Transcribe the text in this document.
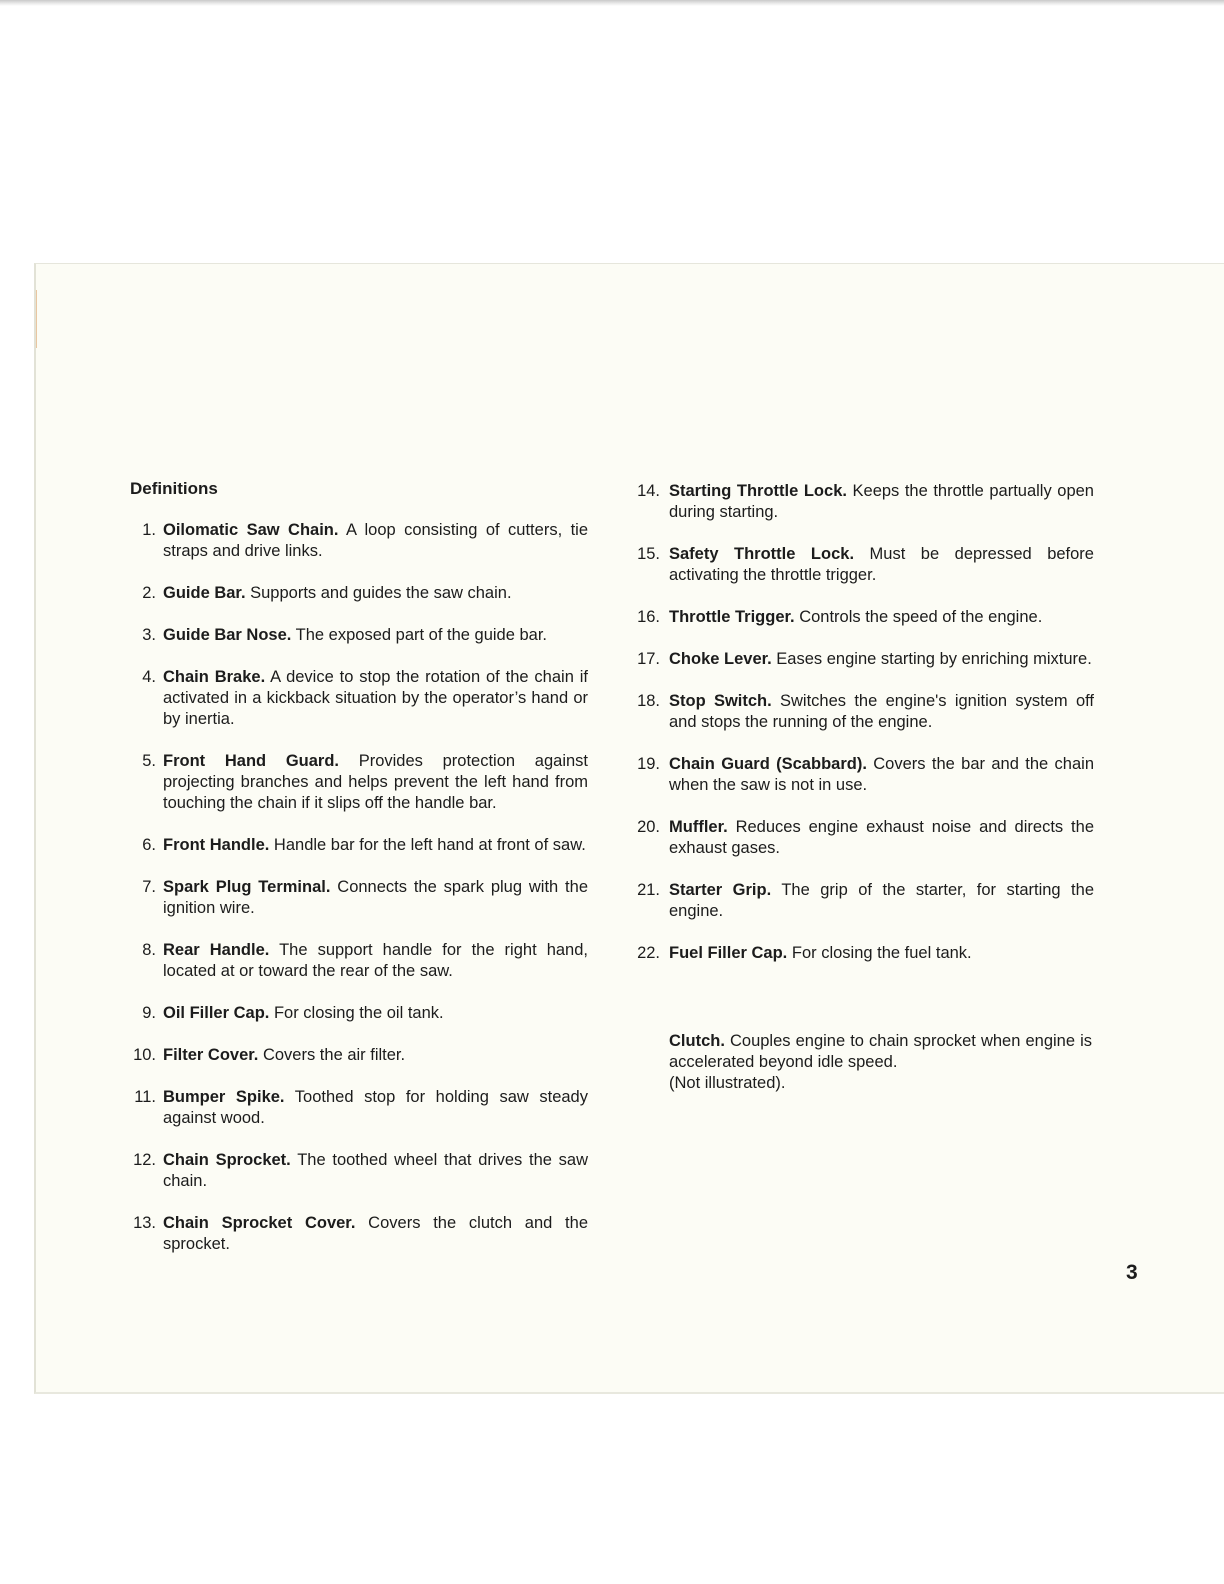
Definitions
1. Oilomatic Saw Chain. A loop consisting of cutters, tie straps and drive links.
2. Guide Bar. Supports and guides the saw chain.
3. Guide Bar Nose. The exposed part of the guide bar.
4. Chain Brake. A device to stop the rotation of the chain if activated in a kickback situation by the operator’s hand or by inertia.
5. Front Hand Guard. Provides protection against projecting branches and helps prevent the left hand from touching the chain if it slips off the handle bar.
6. Front Handle. Handle bar for the left hand at front of saw.
7. Spark Plug Terminal. Connects the spark plug with the ignition wire.
8. Rear Handle. The support handle for the right hand, located at or toward the rear of the saw.
9. Oil Filler Cap. For closing the oil tank.
10. Filter Cover. Covers the air filter.
11. Bumper Spike. Toothed stop for holding saw steady against wood.
12. Chain Sprocket. The toothed wheel that drives the saw chain.
13. Chain Sprocket Cover. Covers the clutch and the sprocket.
14. Starting Throttle Lock. Keeps the throttle partually open during starting.
15. Safety Throttle Lock. Must be depressed before activating the throttle trigger.
16. Throttle Trigger. Controls the speed of the engine.
17. Choke Lever. Eases engine starting by enriching mixture.
18. Stop Switch. Switches the engine's ignition system off and stops the running of the engine.
19. Chain Guard (Scabbard). Covers the bar and the chain when the saw is not in use.
20. Muffler. Reduces engine exhaust noise and directs the exhaust gases.
21. Starter Grip. The grip of the starter, for starting the engine.
22. Fuel Filler Cap. For closing the fuel tank.
Clutch. Couples engine to chain sprocket when engine is accelerated beyond idle speed.
(Not illustrated).
3
